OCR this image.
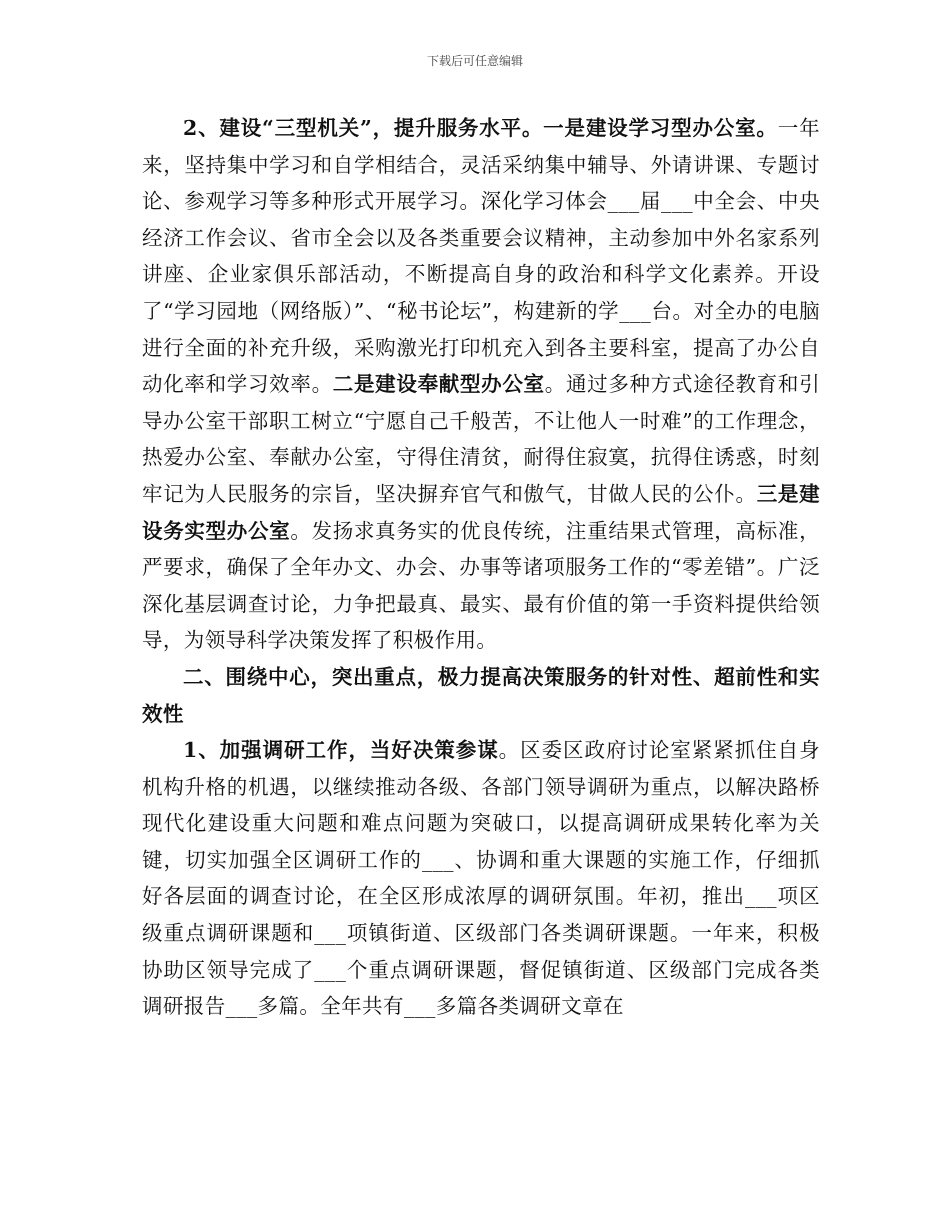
下载后可任意编辑

2、建设“三型机关”，提升服务水平。一是建设学习型办公室。一年来，坚持集中学习和自学相结合，灵活采纳集中辅导、外请讲课、专题讨论、参观学习等多种形式开展学习。深化学习体会___届___中全会、中央经济工作会议、省市全会以及各类重要会议精神，主动参加中外名家系列讲座、企业家俱乐部活动，不断提高自身的政治和科学文化素养。开设了“学习园地（网络版）”、“秘书论坛”，构建新的学___台。对全办的电脑进行全面的补充升级，采购激光打印机充入到各主要科室，提高了办公自动化率和学习效率。二是建设奉献型办公室。通过多种方式途径教育和引导办公室干部职工树立“宁愿自己千般苦，不让他人一时难”的工作理念，热爱办公室、奉献办公室，守得住清贫，耐得住寂寞，抗得住诱惑，时刻牢记为人民服务的宗旨，坚决摒弃官气和傲气，甘做人民的公仆。三是建设务实型办公室。发扬求真务实的优良传统，注重结果式管理，高标准，严要求，确保了全年办文、办会、办事等诸项服务工作的“零差错”。广泛深化基层调查讨论，力争把最真、最实、最有价值的第一手资料提供给领导，为领导科学决策发挥了积极作用。

二、围绕中心，突出重点，极力提高决策服务的针对性、超前性和实效性

1、加强调研工作，当好决策参谋。区委区政府讨论室紧紧抓住自身机构升格的机遇，以继续推动各级、各部门领导调研为重点，以解决路桥现代化建设重大问题和难点问题为突破口，以提高调研成果转化率为关键，切实加强全区调研工作的___、协调和重大课题的实施工作，仔细抓好各层面的调查讨论，在全区形成浓厚的调研氛围。年初，推出___项区级重点调研课题和___项镇街道、区级部门各类调研课题。一年来，积极协助区领导完成了___个重点调研课题，督促镇街道、区级部门完成各类调研报告___多篇。全年共有___多篇各类调研文章在
